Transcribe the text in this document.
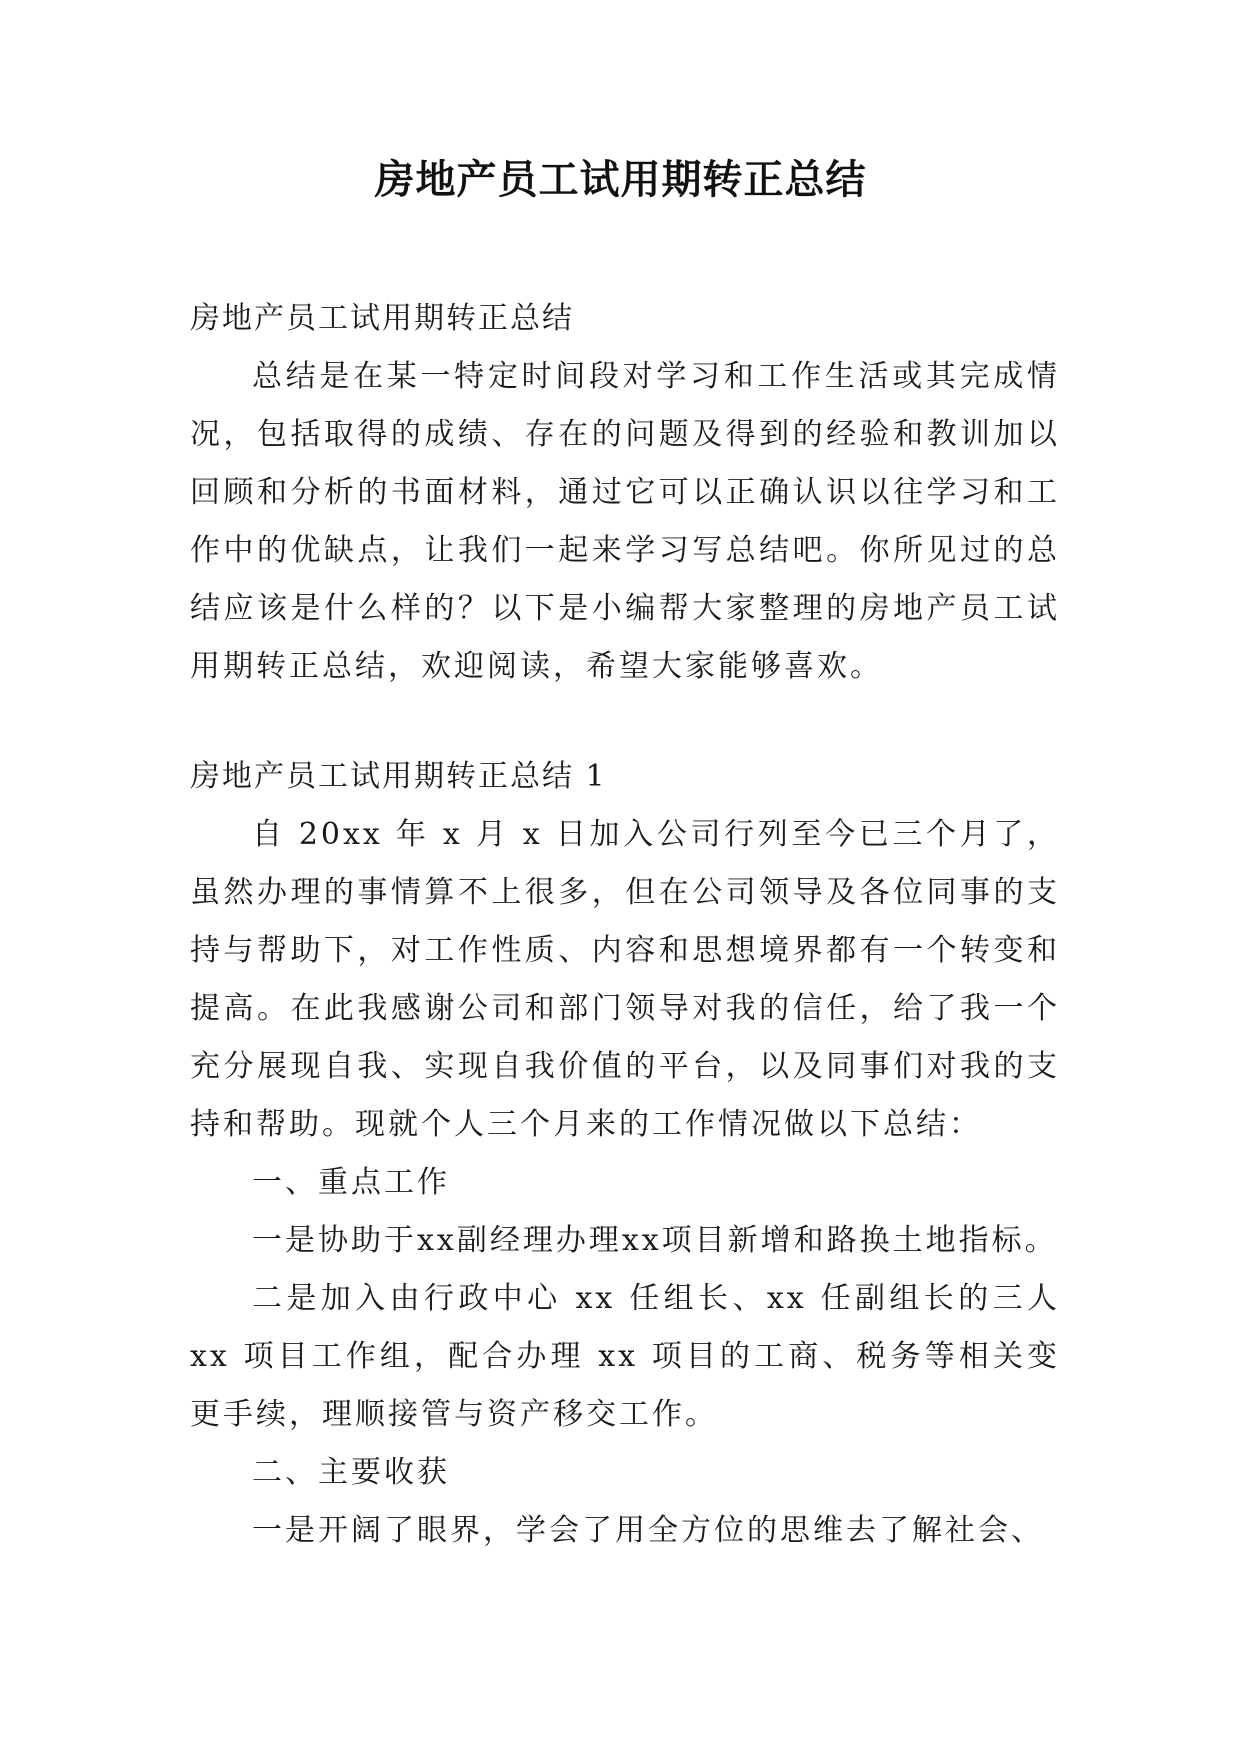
房地产员工试用期转正总结

房地产员工试用期转正总结

总结是在某一特定时间段对学习和工作生活或其完成情况，包括取得的成绩、存在的问题及得到的经验和教训加以回顾和分析的书面材料，通过它可以正确认识以往学习和工作中的优缺点，让我们一起来学习写总结吧。你所见过的总结应该是什么样的？以下是小编帮大家整理的房地产员工试用期转正总结，欢迎阅读，希望大家能够喜欢。

房地产员工试用期转正总结 1

自 20xx 年 x 月 x 日加入公司行列至今已三个月了，虽然办理的事情算不上很多，但在公司领导及各位同事的支持与帮助下，对工作性质、内容和思想境界都有一个转变和提高。在此我感谢公司和部门领导对我的信任，给了我一个充分展现自我、实现自我价值的平台，以及同事们对我的支持和帮助。现就个人三个月来的工作情况做以下总结：

一、重点工作

一是协助于xx副经理办理xx项目新增和路换土地指标。

二是加入由行政中心 xx 任组长、xx 任副组长的三人 xx 项目工作组，配合办理 xx 项目的工商、税务等相关变更手续，理顺接管与资产移交工作。

二、主要收获

一是开阔了眼界，学会了用全方位的思维去了解社会、
